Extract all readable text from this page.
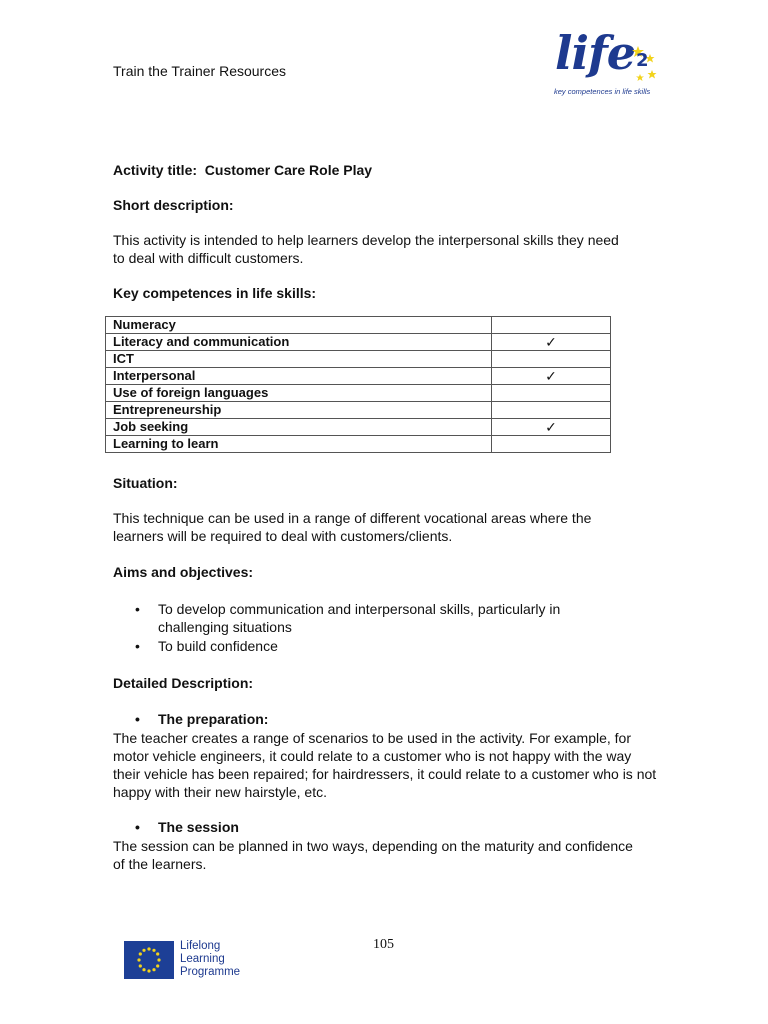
Train the Trainer Resources	life 2
key competences in life skills
Activity title: Customer Care Role Play
Short description:
This activity is intended to help learners develop the interpersonal skills they need to deal with difficult customers.
Key competences in life skills:
Numeracy	
Literacy and communication	✓
ICT	
Interpersonal	✓
Use of foreign languages	
Entrepreneurship	
Job seeking	✓
Learning to learn	
Situation:
This technique can be used in a range of different vocational areas where the learners will be required to deal with customers/clients.
Aims and objectives:
• To develop communication and interpersonal skills, particularly in challenging situations
• To build confidence
Detailed Description:
• The preparation:
The teacher creates a range of scenarios to be used in the activity. For example, for motor vehicle engineers, it could relate to a customer who is not happy with the way their vehicle has been repaired; for hairdressers, it could relate to a customer who is not happy with their new hairstyle, etc.
• The session
The session can be planned in two ways, depending on the maturity and confidence of the learners.
105
Lifelong
Learning
Programme
